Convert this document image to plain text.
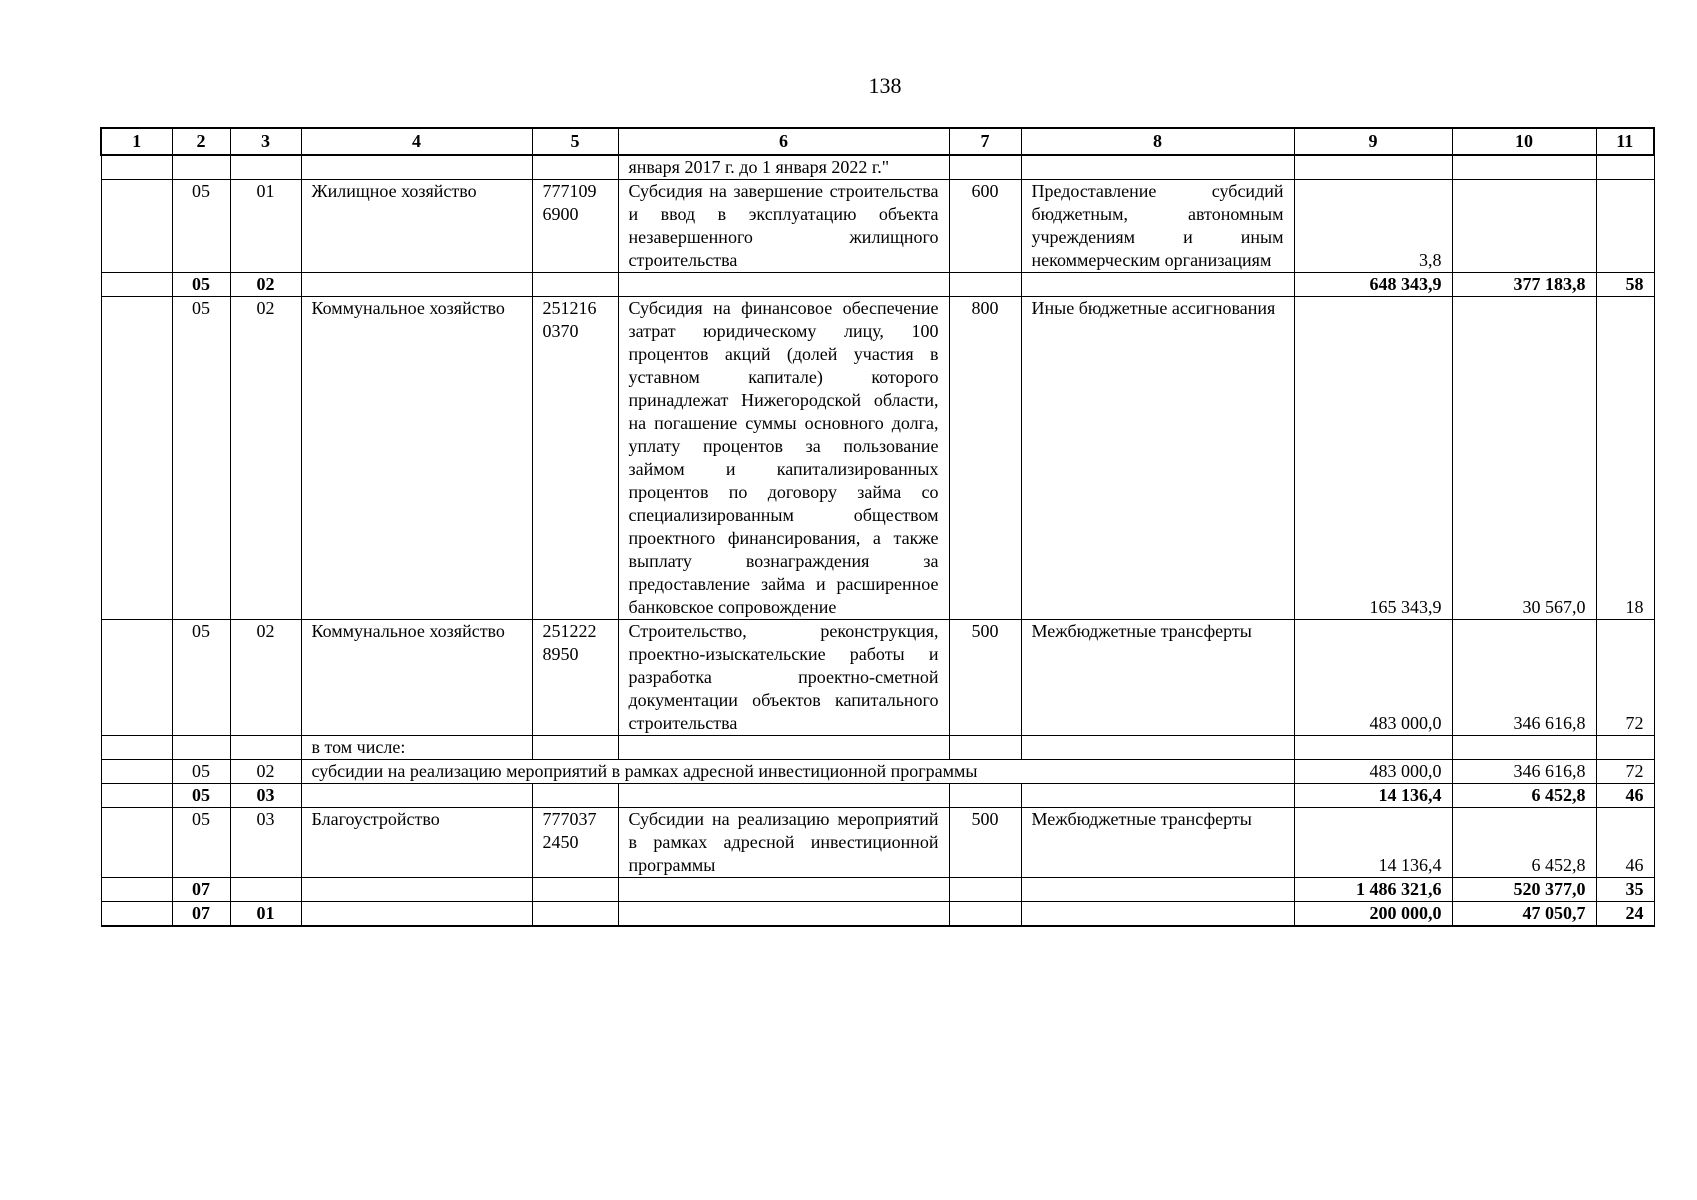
138
1	2	3	4	5	6	7	8	9	10	11
					января 2017 г. до 1 января 2022 г."					
	05	01	Жилищное хозяйство	777109 6900	Субсидия на завершение строительства и ввод в эксплуатацию объекта незавершенного жилищного строительства	600	Предоставление субсидий бюджетным, автономным учреждениям и иным некоммерческим организациям	3,8		
	05	02						648 343,9	377 183,8	58
	05	02	Коммунальное хозяйство	251216 0370	Субсидия на финансовое обеспечение затрат юридическому лицу, 100 процентов акций (долей участия в уставном капитале) которого принадлежат Нижегородской области, на погашение суммы основного долга, уплату процентов за пользование займом и капитализированных процентов по договору займа со специализированным обществом проектного финансирования, а также выплату вознаграждения за предоставление займа и расширенное банковское сопровождение	800	Иные бюджетные ассигнования	165 343,9	30 567,0	18
	05	02	Коммунальное хозяйство	251222 8950	Строительство, реконструкция, проектно-изыскательские работы и разработка проектно-сметной документации объектов капитального строительства	500	Межбюджетные трансферты	483 000,0	346 616,8	72
			в том числе:							
	05	02	субсидии на реализацию мероприятий в рамках адресной инвестиционной программы					483 000,0	346 616,8	72
	05	03						14 136,4	6 452,8	46
	05	03	Благоустройство	777037 2450	Субсидии на реализацию мероприятий в рамках адресной инвестиционной программы	500	Межбюджетные трансферты	14 136,4	6 452,8	46
	07							1 486 321,6	520 377,0	35
	07	01						200 000,0	47 050,7	24
